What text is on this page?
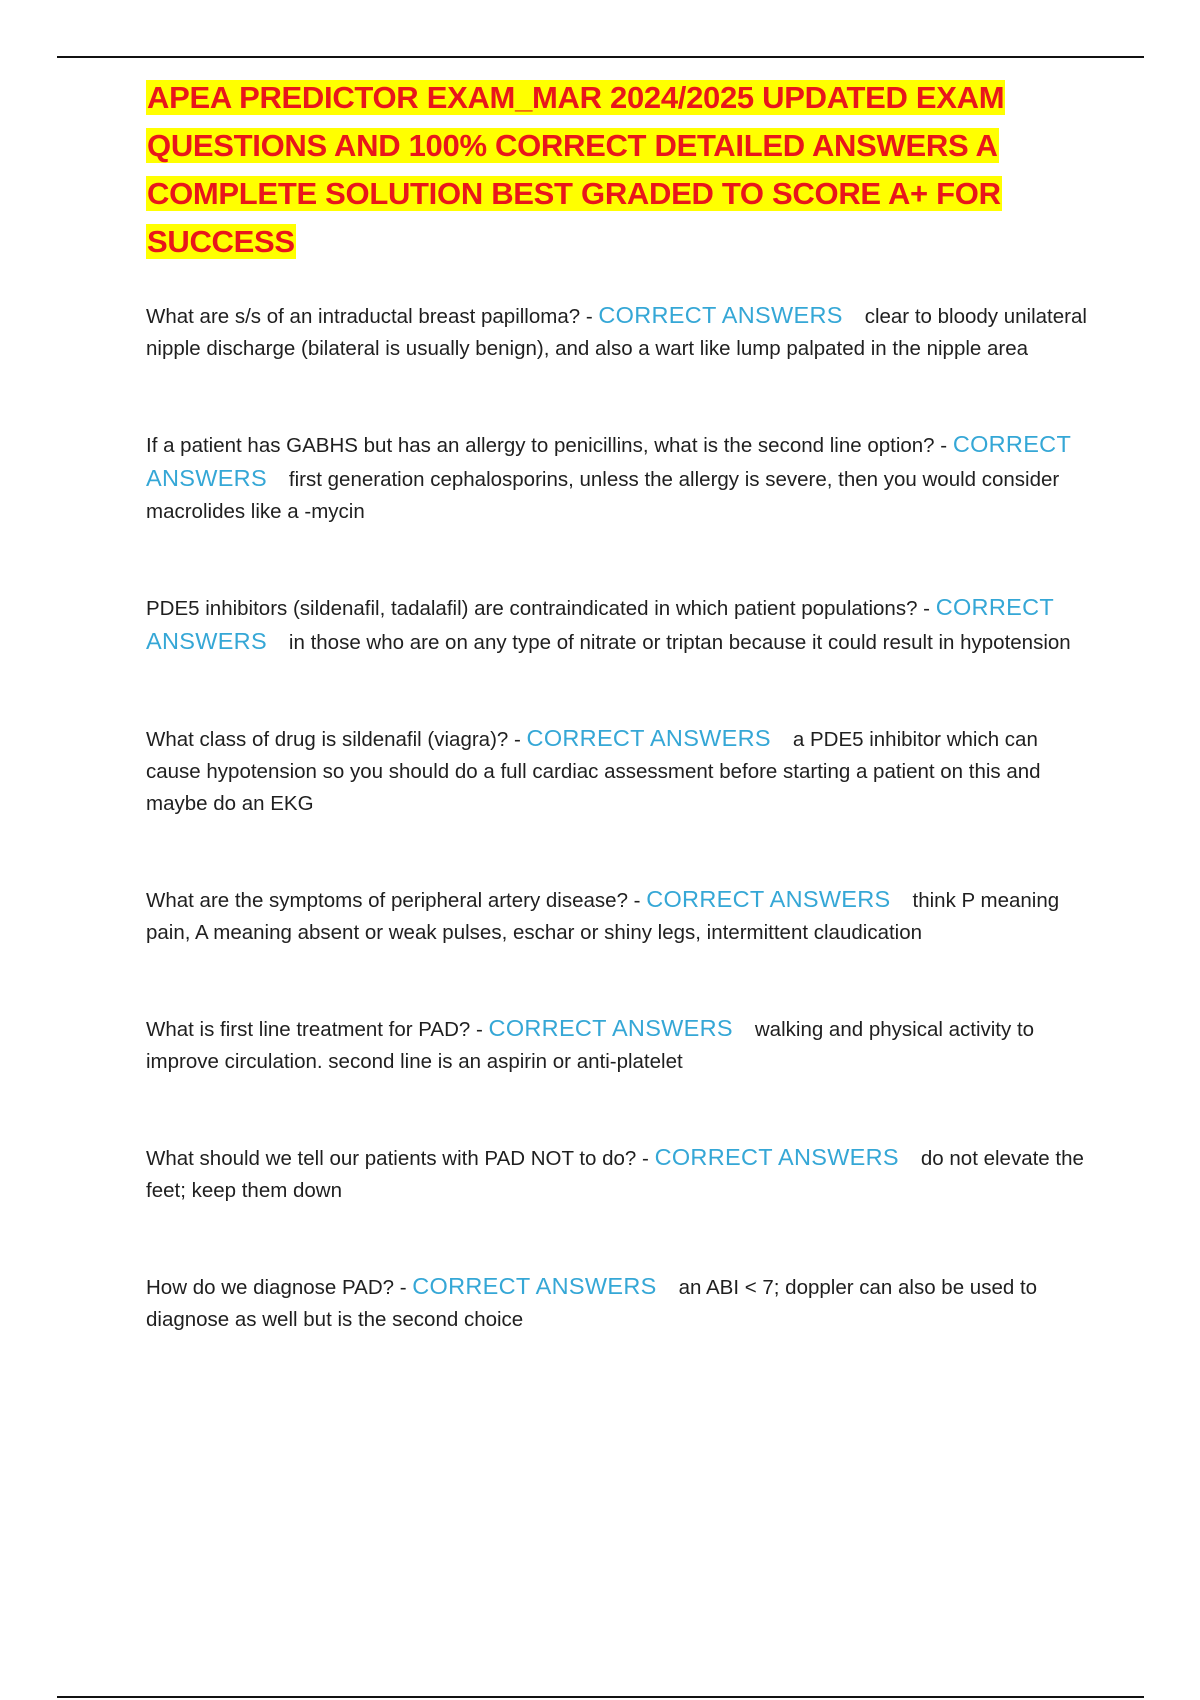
APEA PREDICTOR EXAM_MAR 2024/2025 UPDATED EXAM QUESTIONS AND 100% CORRECT DETAILED ANSWERS A COMPLETE SOLUTION BEST GRADED TO SCORE A+ FOR SUCCESS

What are s/s of an intraductal breast papilloma? - CORRECT ANSWERS clear to bloody unilateral nipple discharge (bilateral is usually benign), and also a wart like lump palpated in the nipple area

If a patient has GABHS but has an allergy to penicillins, what is the second line option? - CORRECT ANSWERS first generation cephalosporins, unless the allergy is severe, then you would consider macrolides like a -mycin

PDE5 inhibitors (sildenafil, tadalafil) are contraindicated in which patient populations? - CORRECT ANSWERS in those who are on any type of nitrate or triptan because it could result in hypotension

What class of drug is sildenafil (viagra)? - CORRECT ANSWERS a PDE5 inhibitor which can cause hypotension so you should do a full cardiac assessment before starting a patient on this and maybe do an EKG

What are the symptoms of peripheral artery disease? - CORRECT ANSWERS think P meaning pain, A meaning absent or weak pulses, eschar or shiny legs, intermittent claudication

What is first line treatment for PAD? - CORRECT ANSWERS walking and physical activity to improve circulation. second line is an aspirin or anti-platelet

What should we tell our patients with PAD NOT to do? - CORRECT ANSWERS do not elevate the feet; keep them down

How do we diagnose PAD? - CORRECT ANSWERS an ABI < 7; doppler can also be used to diagnose as well but is the second choice
